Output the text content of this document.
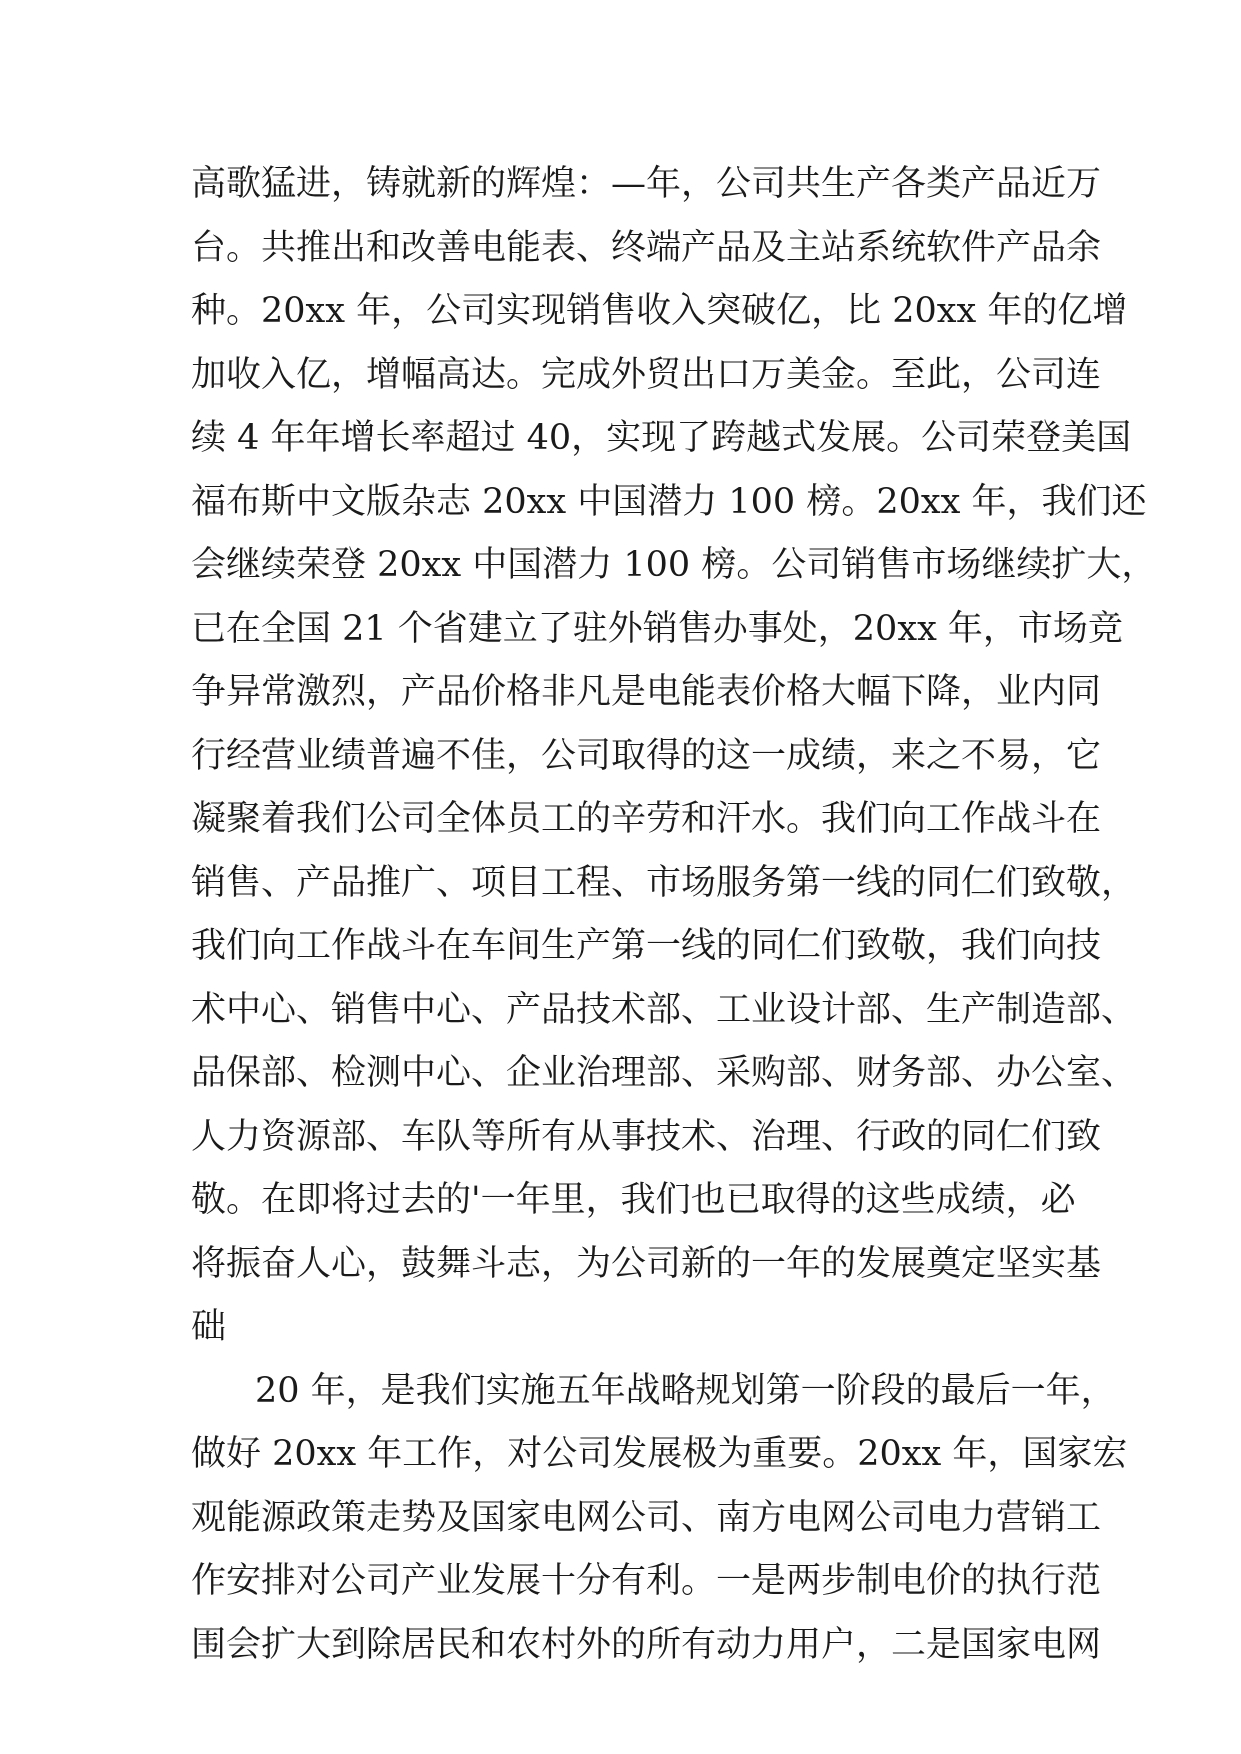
高歌猛进，铸就新的辉煌：—年，公司共生产各类产品近万
台。共推出和改善电能表、终端产品及主站系统软件产品余
种。20xx 年，公司实现销售收入突破亿，比 20xx 年的亿增
加收入亿，增幅高达。完成外贸出口万美金。至此，公司连
续 4 年年增长率超过 40，实现了跨越式发展。公司荣登美国
福布斯中文版杂志 20xx 中国潜力 100 榜。20xx 年，我们还
会继续荣登 20xx 中国潜力 100 榜。公司销售市场继续扩大，
已在全国 21 个省建立了驻外销售办事处，20xx 年，市场竞
争异常激烈，产品价格非凡是电能表价格大幅下降，业内同
行经营业绩普遍不佳，公司取得的这一成绩，来之不易，它
凝聚着我们公司全体员工的辛劳和汗水。我们向工作战斗在
销售、产品推广、项目工程、市场服务第一线的同仁们致敬，
我们向工作战斗在车间生产第一线的同仁们致敬，我们向技
术中心、销售中心、产品技术部、工业设计部、生产制造部、
品保部、检测中心、企业治理部、采购部、财务部、办公室、
人力资源部、车队等所有从事技术、治理、行政的同仁们致
敬。在即将过去的'一年里，我们也已取得的这些成绩，必
将振奋人心，鼓舞斗志，为公司新的一年的发展奠定坚实基
础
20 年，是我们实施五年战略规划第一阶段的最后一年，
做好 20xx 年工作，对公司发展极为重要。20xx 年，国家宏
观能源政策走势及国家电网公司、南方电网公司电力营销工
作安排对公司产业发展十分有利。一是两步制电价的执行范
围会扩大到除居民和农村外的所有动力用户，二是国家电网
